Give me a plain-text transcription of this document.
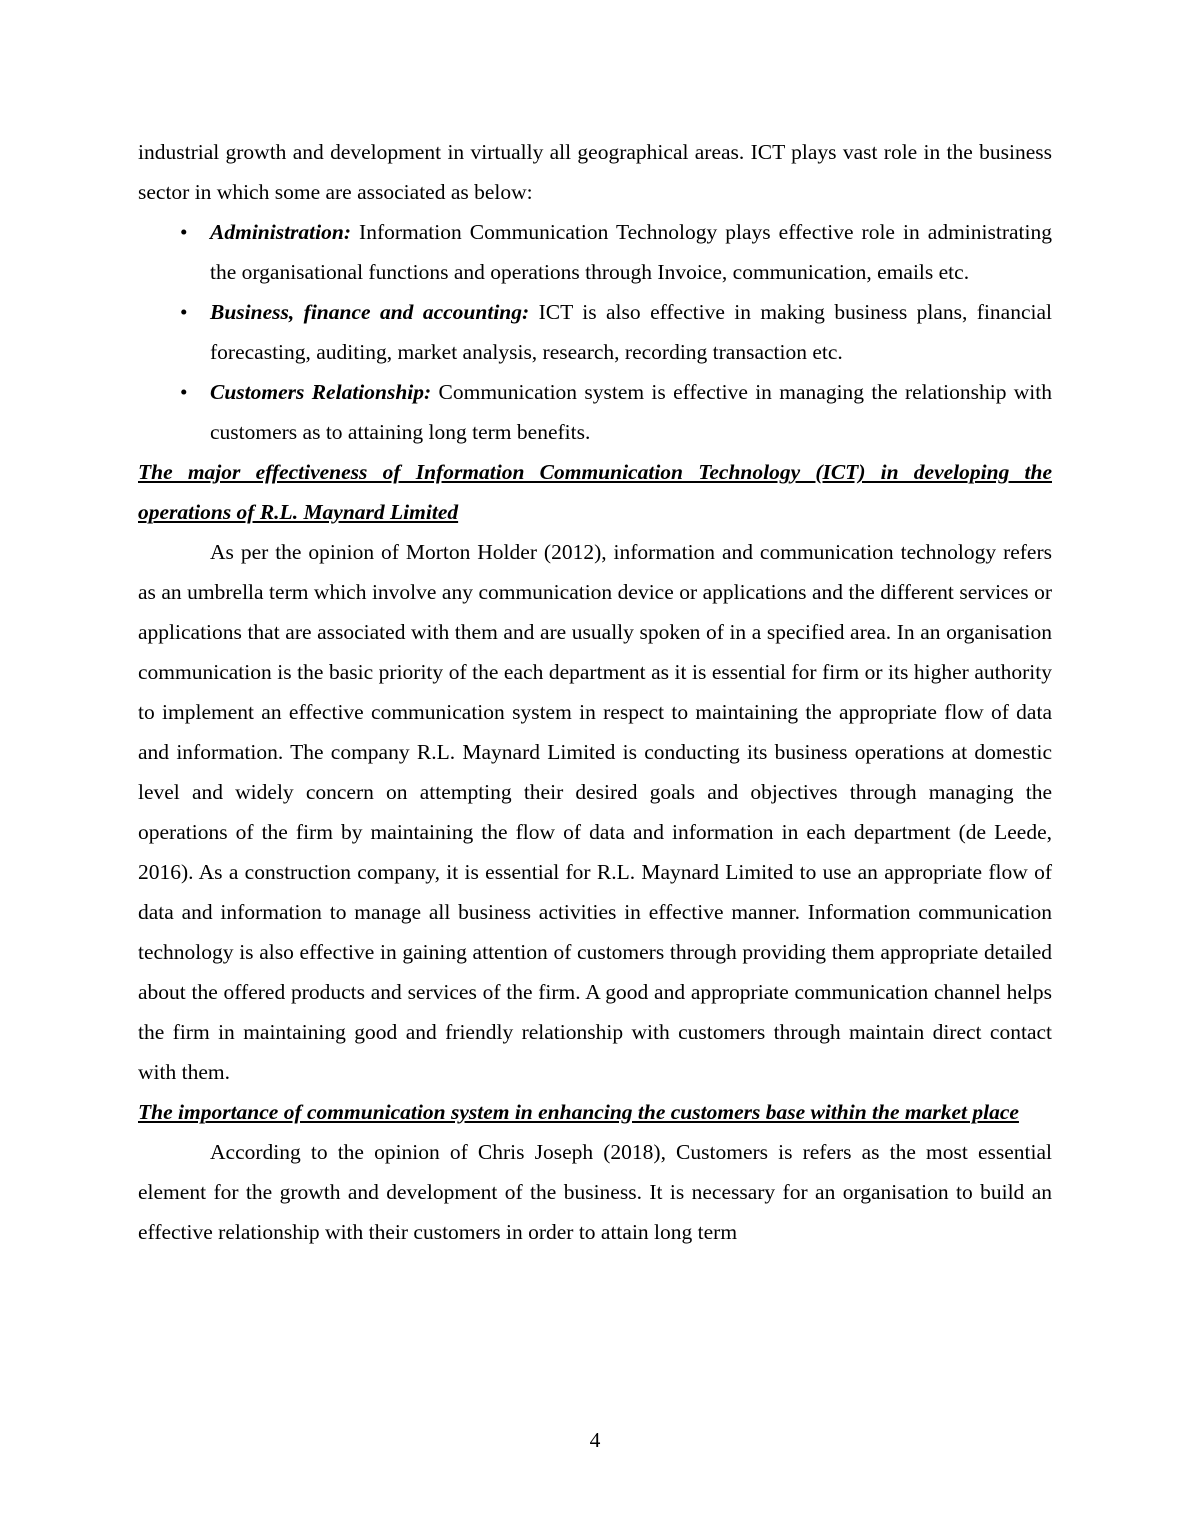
industrial growth and development in virtually all geographical areas. ICT plays vast role in the business sector in which some are associated as below:

• Administration: Information Communication Technology plays effective role in administrating the organisational functions and operations through Invoice, communication, emails etc.
• Business, finance and accounting: ICT is also effective in making business plans, financial forecasting, auditing, market analysis, research, recording transaction etc.
• Customers Relationship: Communication system is effective in managing the relationship with customers as to attaining long term benefits.

The major effectiveness of Information Communication Technology (ICT) in developing the operations of R.L. Maynard Limited

As per the opinion of Morton Holder (2012), information and communication technology refers as an umbrella term which involve any communication device or applications and the different services or applications that are associated with them and are usually spoken of in a specified area. In an organisation communication is the basic priority of the each department as it is essential for firm or its higher authority to implement an effective communication system in respect to maintaining the appropriate flow of data and information. The company R.L. Maynard Limited is conducting its business operations at domestic level and widely concern on attempting their desired goals and objectives through managing the operations of the firm by maintaining the flow of data and information in each department (de Leede, 2016). As a construction company, it is essential for R.L. Maynard Limited to use an appropriate flow of data and information to manage all business activities in effective manner. Information communication technology is also effective in gaining attention of customers through providing them appropriate detailed about the offered products and services of the firm. A good and appropriate communication channel helps the firm in maintaining good and friendly relationship with customers through maintain direct contact with them.

The importance of communication system in enhancing the customers base within the market place

According to the opinion of Chris Joseph (2018), Customers is refers as the most essential element for the growth and development of the business. It is necessary for an organisation to build an effective relationship with their customers in order to attain long term

4
